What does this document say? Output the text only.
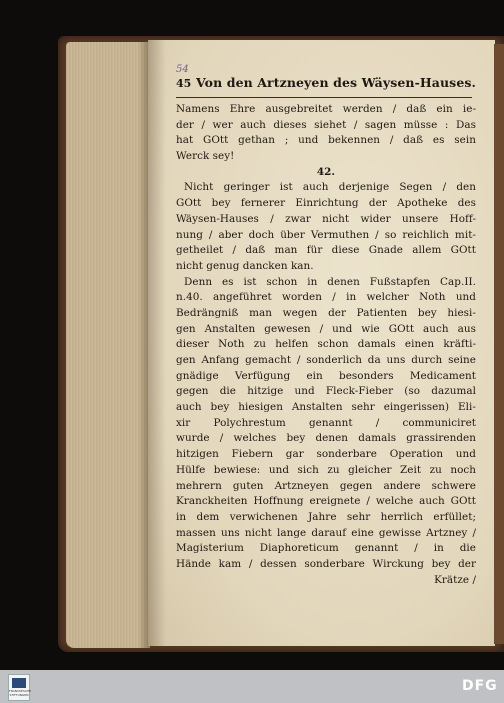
54
45 Von den Artzneyen des Wäysen-Hauses.
Namens Ehre ausgebreitet werden / daß ein ie-
der / wer auch dieses siehet / sagen müsse : Das
hat GOtt gethan ; und bekennen / daß es sein
Werck sey!
42.
Nicht geringer ist auch derjenige Segen / den
GOtt bey fernerer Einrichtung der Apotheke des
Wäysen-Hauses / zwar nicht wider unsere Hoff-
nung / aber doch über Vermuthen / so reichlich mit-
getheilet / daß man für diese Gnade allem GOtt
nicht genug dancken kan.
Denn es ist schon in denen Fußstapfen Cap.II.
n.40. angeführet worden / in welcher Noth und
Bedrängniß man wegen der Patienten bey hiesi-
gen Anstalten gewesen / und wie GOtt auch aus
dieser Noth zu helfen schon damals einen kräfti-
gen Anfang gemacht / sonderlich da uns durch seine
gnädige Verfügung ein besonders Medicament
gegen die hitzige und Fleck-Fieber (so dazumal
auch bey hiesigen Anstalten sehr eingerissen) Eli-
xir Polychrestum genannt / communiciret
wurde / welches bey denen damals grassirenden
hitzigen Fiebern gar sonderbare Operation und
Hülfe bewiese: und sich zu gleicher Zeit zu noch
mehrern guten Artzneyen gegen andere schwere
Kranckheiten Hoffnung ereignete / welche auch GOtt
in dem verwichenen Jahre sehr herrlich erfüllet;
massen uns nicht lange darauf eine gewisse Artzney /
Magisterium Diaphoreticum genannt / in die
Hände kam / dessen sonderbare Wirckung bey der
Krätze /
FRANCKESCHE STIFTUNGEN
DFG
